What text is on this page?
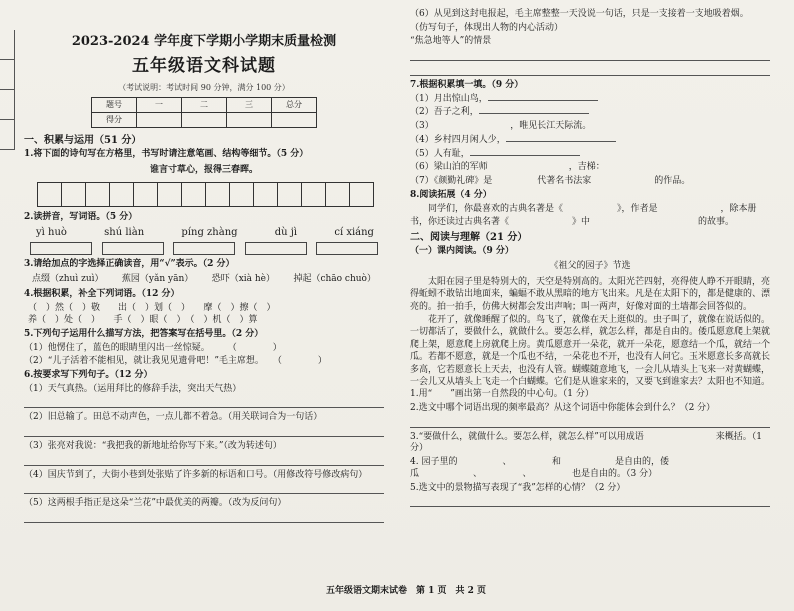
2023-2024 学年度下学期小学期末质量检测
五年级语文科试题
（考试说明：考试时间 90 分钟，满分 100 分）
题号	一	二	三	总分
得分				
一、积累与运用（51 分）
1.将下面的诗句写在方格里，书写时请注意笔画、结构等细节。（5 分）
谁言寸草心，报得三春晖。
2.读拼音，写词语。（5 分）
yì huò	shú liàn	píng zhàng	dù jì	cí xiáng
3.请给加点的字选择正确读音，用“√”表示。（2 分）
点缀（zhuì zuì） 蕉园（yǎn yān） 恐吓（xià hè） 掉起（chāo chuò）
4.根据积累，补全下列词语。（12 分）
（　）然（　）敬　　出（　）划（　）　　摩（　）擦（　）
养（　）处（　）　　手（　）眼（　）　（　）机（　）算
5.下列句子运用什么描写方法，把答案写在括号里。（2 分）
（1）他愣住了，蓝色的眼睛里闪出一丝惊疑。　　　（　　　　）
（2）“儿子活着不能相见，就让我见见遗骨吧！”毛主席想。　　（　　　　）
6.按要求写下列句子。（12 分）
（1）天气真热。（运用拜比的修辞手法，突出天气热）
（2）旧总输了。田总不动声色，一点儿都不着急。（用关联词合为一句话）
（3）张亮对我说：“我把我的新地址给你写下来。”（改为转述句）
（4）国庆节到了，大街小巷到处张贴了许多新的标语和口号。（用修改符号修改病句）
（5）这两根手指正是这朵“兰花”中最优美的两瓣。（改为反问句）
（6）从见到这封电报起，毛主席整整一天没说一句话，只是一支接着一支地吸着烟。
（仿写句子，体现出人物的内心活动）
“焦急地等人”的情景
7.根据积累填一填。（9 分）
（1）月出惊山鸟，
（2）吾子之利，
（3）　　　　　　　　　，唯见长江天际流。
（4）乡村四月闲人少，
（5）人有耻，
（6）梁山泊的军师　　　　　　　　　，吉梯：
（7）《颜勤礼碑》是　　　　　代著名书法家　　　　　　　的作品。
8.阅读拓展（4 分）
同学们，你最喜欢的古典名著是《　　　　　　》，作者是　　　　　　　，除本册
书，你还读过古典名著《　　　　　　　》中　　　　　　　　　　　　的故事。
二、阅读与理解（21 分）
（一）课内阅读。（9 分）
《祖父的园子》节选
太阳在园子里是特别大的，天空是特别高的。太阳光芒四射，亮得使人睁不开眼睛，亮得蚯蚓不敢钻出地面来，蝙蝠不敢从黑暗的地方飞出来。凡是在太阳下的，都是健康的、漂亮的。拍一拍手，仿佛大树都会发出声响；叫一两声，好像对面的土墙都会回答似的。
花开了，就像睡醒了似的。鸟飞了，就像在天上逛似的。虫子叫了，就像在说话似的。一切都活了，要做什么，就做什么。要怎么样，就怎么样，都是自由的。倭瓜愿意爬上架就爬上架，愿意爬上房就爬上房。黄瓜愿意开一朵花，就开一朵花，愿意结一个瓜，就结一个瓜。若都不愿意，就是一个瓜也不结，一朵花也不开，也没有人问它。玉米愿意长多高就长多高，它若愿意长上天去，也没有人管。蝴蝶随意地飞，一会儿从墙头上飞来一对黄蝴蝶，一会儿又从墙头上飞走一个白蝴蝶。它们是从谁家来的，又要飞到谁家去？太阳也不知道。
1.用“　　”画出第一自然段的中心句。（1 分）
2.选文中哪个词语出现的频率最高？从这个词语中你能体会到什么？（2 分）
3.“要做什么，就做什么。要怎么样，就怎么样”可以用成语　　　　　　　　来概括。（1 分）
4. 园子里的　　　　　、　　　　　和　　　　　　是自由的，倭瓜　　　　　　、　　　　　、　　　　　也是自由的。（3 分）
5.选文中的景物描写表现了“我”怎样的心情？（2 分）
五年级语文期末试卷　第 1 页　共 2 页
